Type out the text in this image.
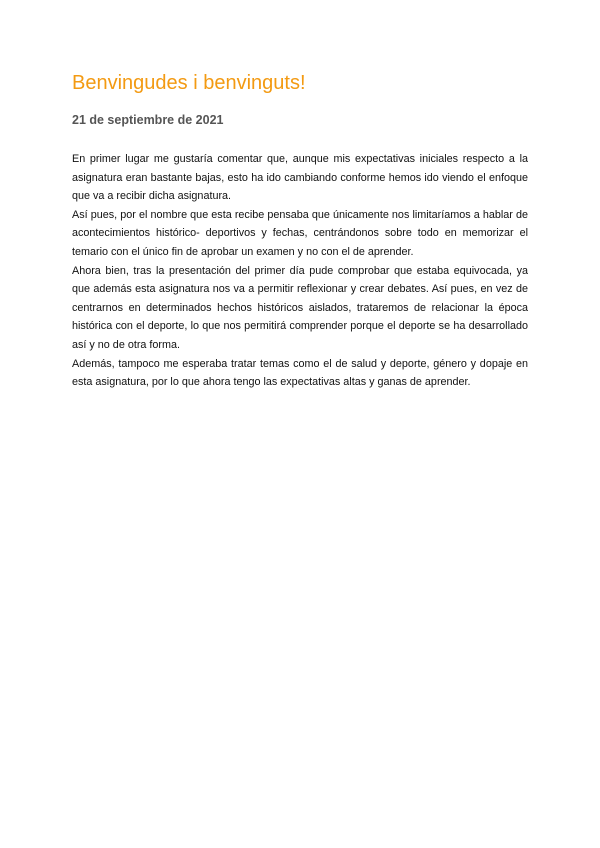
Benvingudes i benvinguts!
21 de septiembre de 2021

En primer lugar me gustaría comentar que, aunque mis expectativas iniciales respecto a la asignatura eran bastante bajas, esto ha ido cambiando conforme hemos ido viendo el enfoque que va a recibir dicha asignatura.

Así pues, por el nombre que esta recibe pensaba que únicamente nos limitaríamos a hablar de acontecimientos histórico- deportivos y fechas, centrándonos sobre todo en memorizar el temario con el único fin de aprobar un examen y no con el de aprender.

Ahora bien, tras la presentación del primer día pude comprobar que estaba equivocada, ya que además esta asignatura nos va a permitir reflexionar y crear debates. Así pues, en vez de centrarnos en determinados hechos históricos aislados, trataremos de relacionar la época histórica con el deporte, lo que nos permitirá comprender porque el deporte se ha desarrollado así y no de otra forma.

Además, tampoco me esperaba tratar temas como el de salud y deporte, género y dopaje en esta asignatura, por lo que ahora tengo las expectativas altas y ganas de aprender.
